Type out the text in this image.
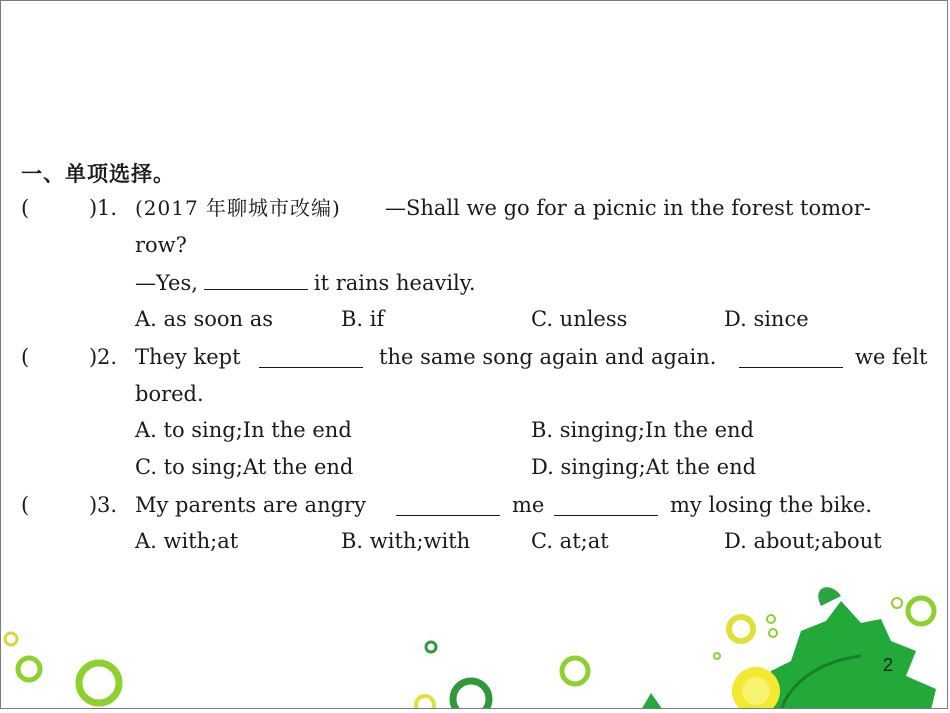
一、单项选择。
(	) 1. (2017 年聊城市改编) —Shall we go for a picnic in the forest tomor-
row?
—Yes,	it rains heavily.
A. as soon as	B. if	C. unless	D. since
(	) 2. They kept	the same song again and again.	we felt
bored.
A. to sing;In the end	B. singing;In the end
C. to sing;At the end	D. singing;At the end
(	) 3. My parents are angry	me	my losing the bike.
A. with;at	B. with;with	C. at;at	D. about;about
2
